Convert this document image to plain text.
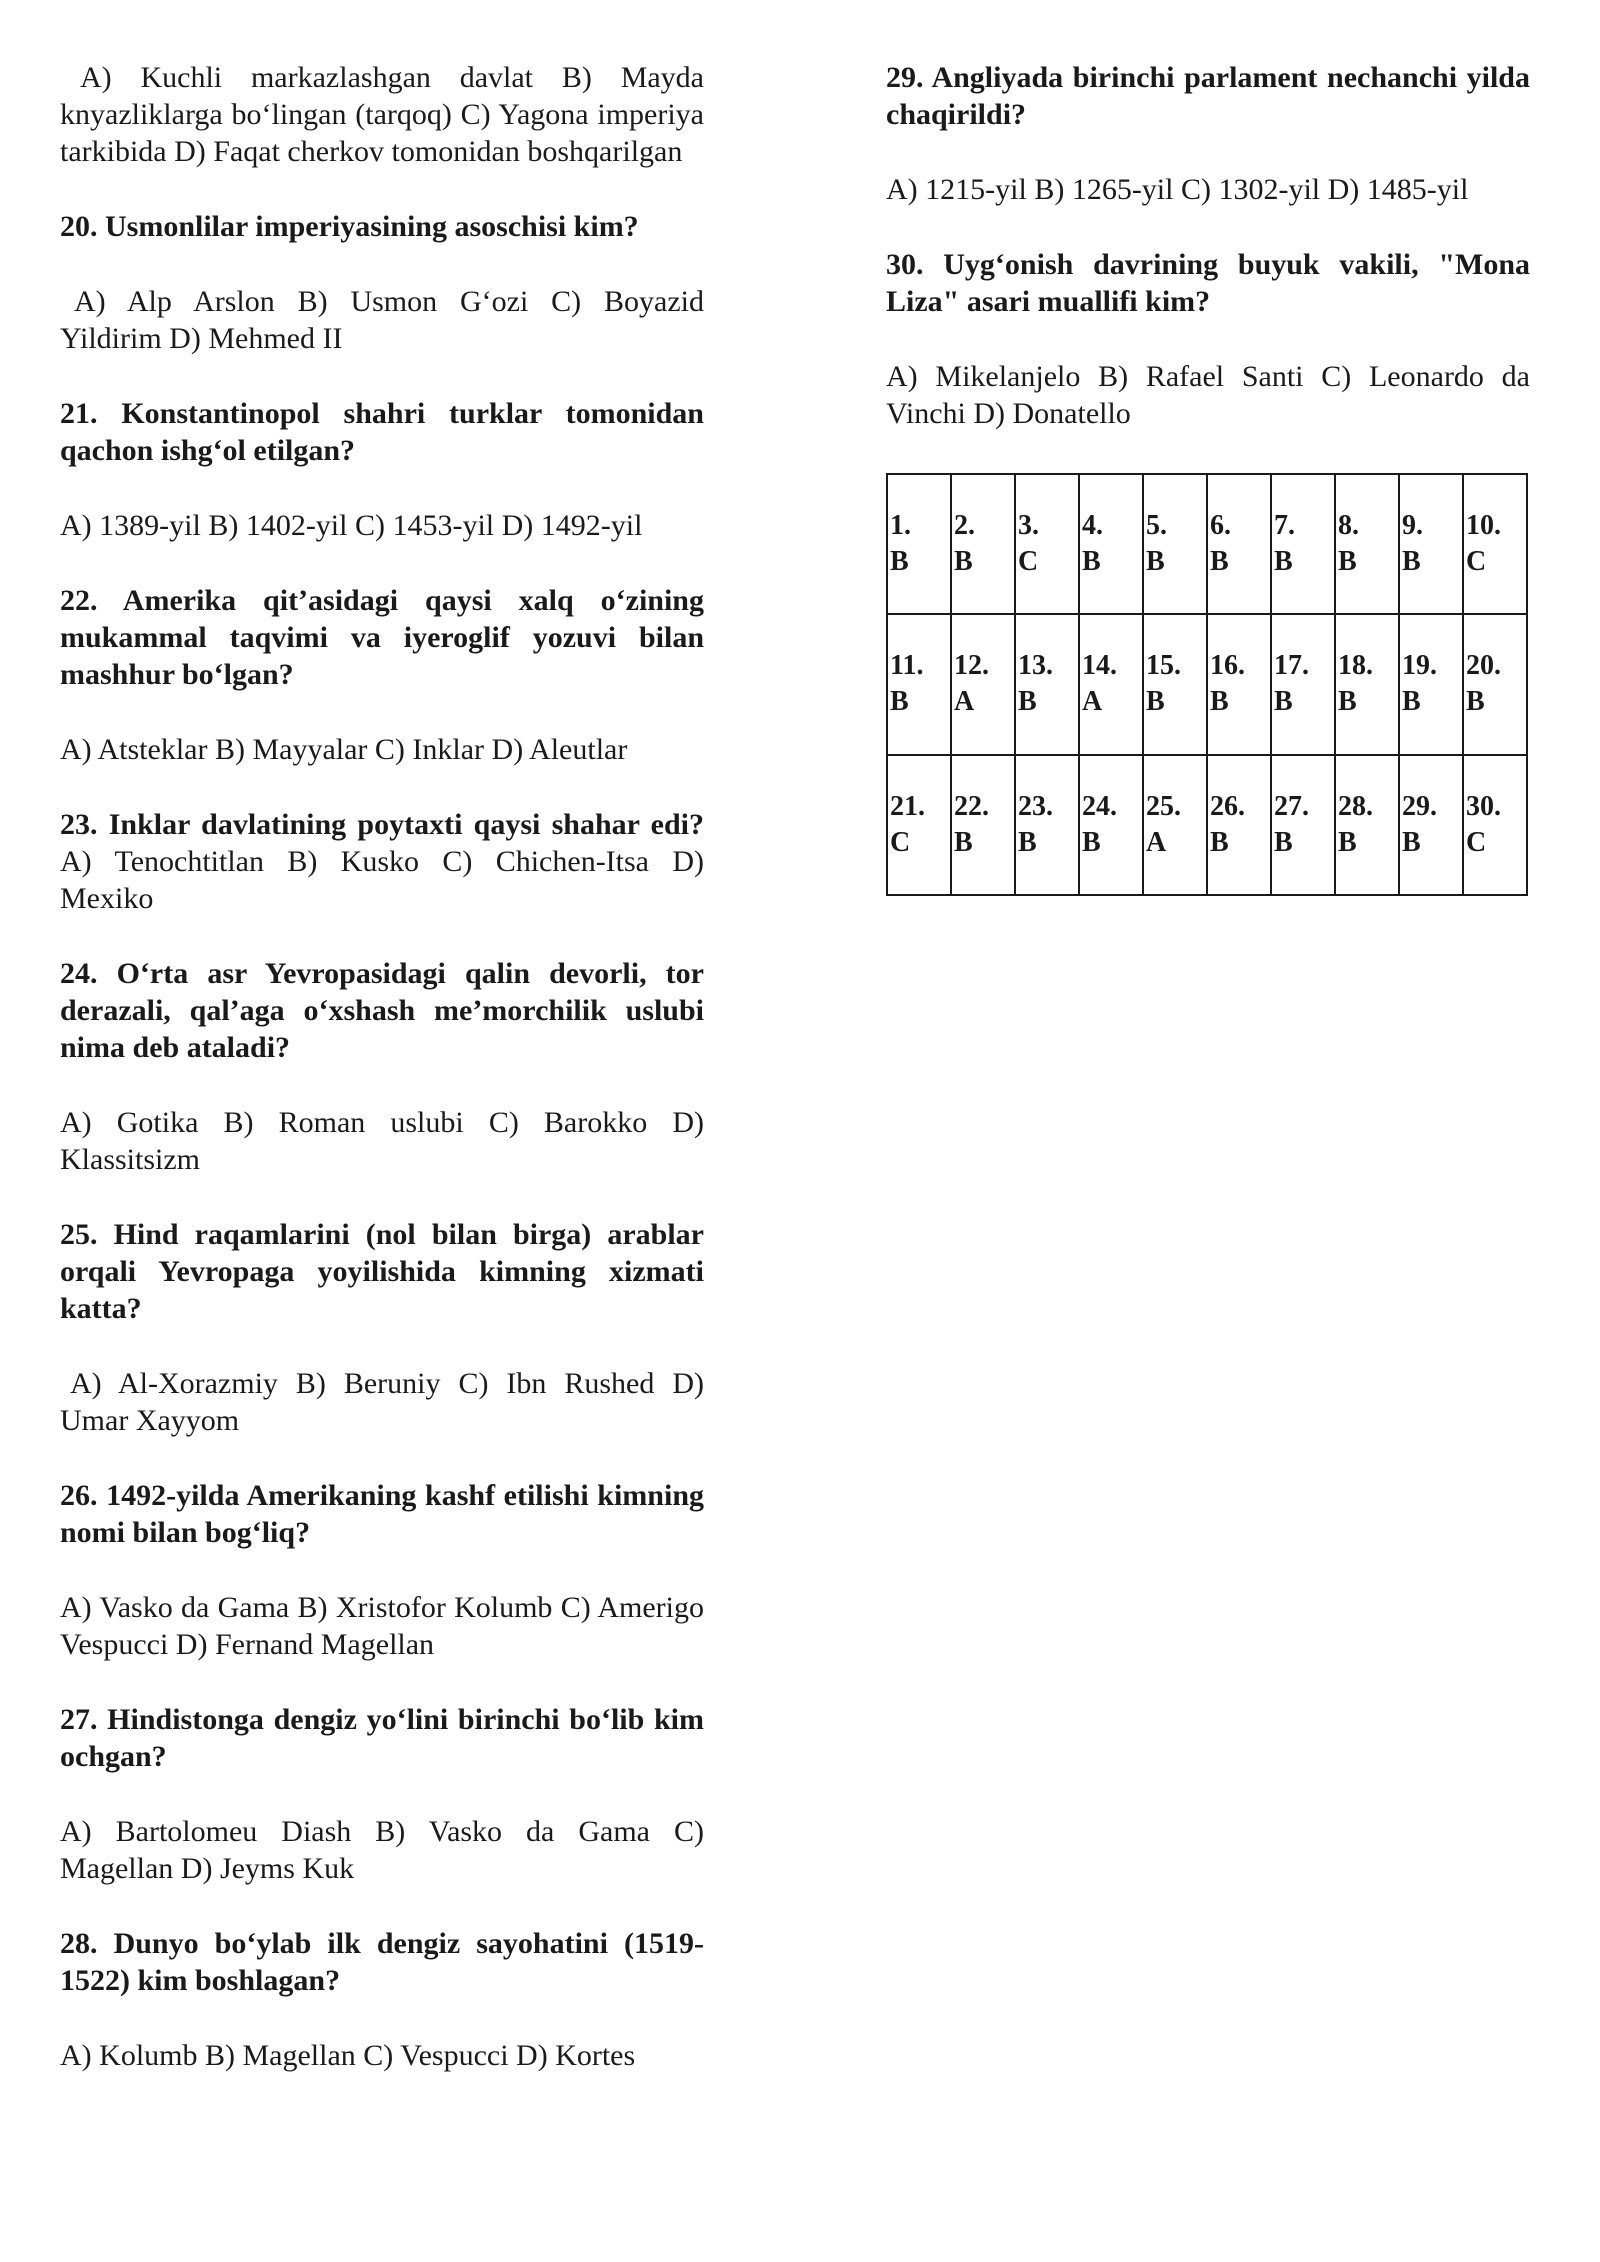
A) Kuchli markazlashgan davlat B) Mayda knyazliklarga bo‘lingan (tarqoq) C) Yagona imperiya tarkibida D) Faqat cherkov tomonidan boshqarilgan

20. Usmonlilar imperiyasining asoschisi kim?

A) Alp Arslon B) Usmon G‘ozi C) Boyazid Yildirim D) Mehmed II

21. Konstantinopol shahri turklar tomonidan qachon ishg‘ol etilgan?

A) 1389-yil B) 1402-yil C) 1453-yil D) 1492-yil

22. Amerika qit’asidagi qaysi xalq o‘zining mukammal taqvimi va iyeroglif yozuvi bilan mashhur bo‘lgan?

A) Atsteklar B) Mayyalar C) Inklar D) Aleutlar

23. Inklar davlatining poytaxti qaysi shahar edi? A) Tenochtitlan B) Kusko C) Chichen-Itsa D) Mexiko

24. O‘rta asr Yevropasidagi qalin devorli, tor derazali, qal’aga o‘xshash me’morchilik uslubi nima deb ataladi?

A) Gotika B) Roman uslubi C) Barokko D) Klassitsizm

25. Hind raqamlarini (nol bilan birga) arablar orqali Yevropaga yoyilishida kimning xizmati katta?

A) Al-Xorazmiy B) Beruniy C) Ibn Rushed D) Umar Xayyom

26. 1492-yilda Amerikaning kashf etilishi kimning nomi bilan bog‘liq?

A) Vasko da Gama B) Xristofor Kolumb C) Amerigo Vespucci D) Fernand Magellan

27. Hindistonga dengiz yo‘lini birinchi bo‘lib kim ochgan?

A) Bartolomeu Diash B) Vasko da Gama C) Magellan D) Jeyms Kuk

28. Dunyo bo‘ylab ilk dengiz sayohatini (1519-1522) kim boshlagan?

A) Kolumb B) Magellan C) Vespucci D) Kortes

29. Angliyada birinchi parlament nechanchi yilda chaqirildi?

A) 1215-yil B) 1265-yil C) 1302-yil D) 1485-yil

30. Uyg‘onish davrining buyuk vakili, "Mona Liza" asari muallifi kim?

A) Mikelanjelo B) Rafael Santi C) Leonardo da Vinchi D) Donatello

1.
B	2.
B	3.
C	4.
B	5.
B	6.
B	7.
B	8.
B	9.
B	10.
C

11.
B	12.
A	13.
B	14.
A	15.
B	16.
B	17.
B	18.
B	19.
B	20.
B

21.
C	22.
B	23.
B	24.
B	25.
A	26.
B	27.
B	28.
B	29.
B	30.
C
